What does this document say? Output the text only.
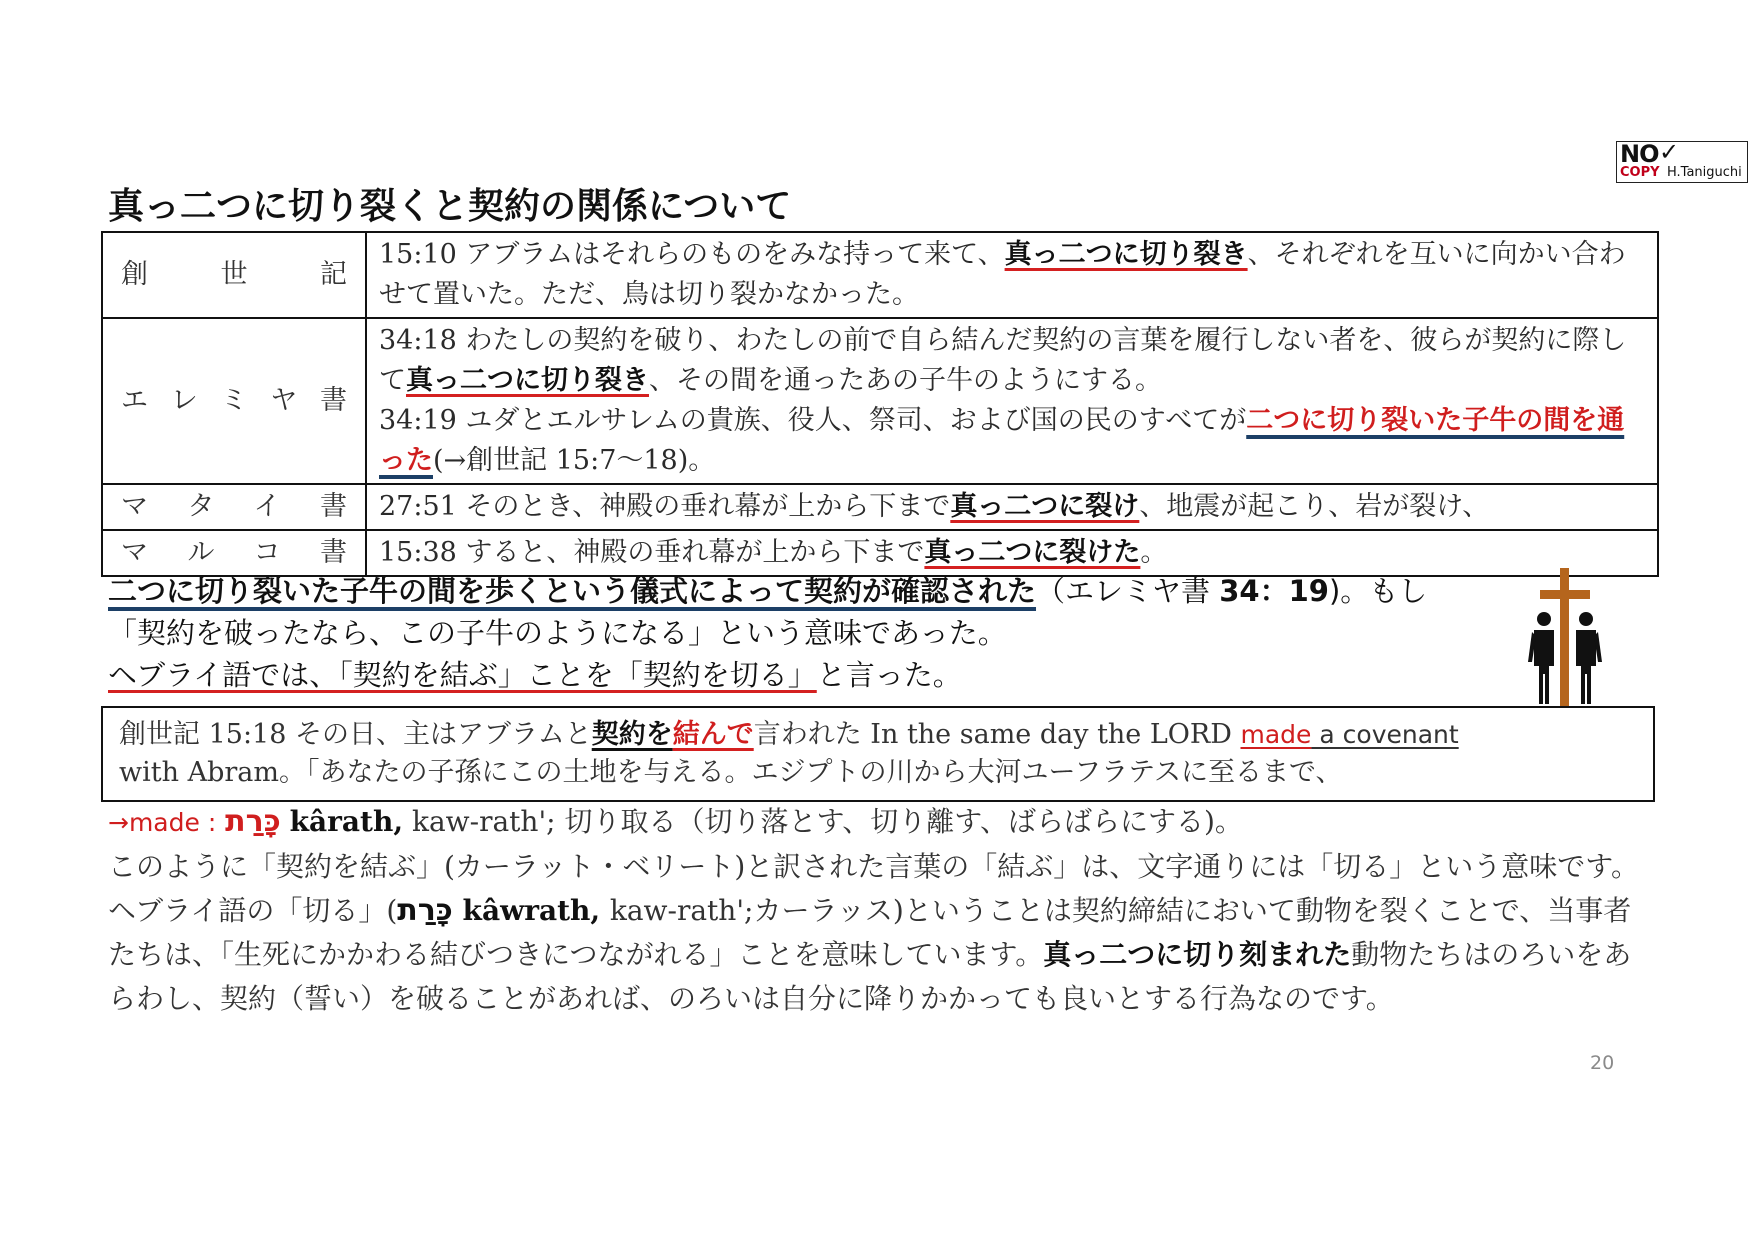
NO ✓
COPY H.Taniguchi
真っ二つに切り裂くと契約の関係について
創　世　記	15:10 アブラムはそれらのものをみな持って来て、真っ二つに切り裂き、それぞれを互いに向かい合わせて置いた。ただ、鳥は切り裂かなかった。
エレミヤ書	34:18 わたしの契約を破り、わたしの前で自ら結んだ契約の言葉を履行しない者を、彼らが契約に際して真っ二つに切り裂き、その間を通ったあの子牛のようにする。
34:19 ユダとエルサレムの貴族、役人、祭司、および国の民のすべてが二つに切り裂いた子牛の間を通った(→創世記 15:7～18)。
マタイ書	27:51 そのとき、神殿の垂れ幕が上から下まで真っ二つに裂け、地震が起こり、岩が裂け、
マルコ書	15:38 すると、神殿の垂れ幕が上から下まで真っ二つに裂けた。
二つに切り裂いた子牛の間を歩くという儀式によって契約が確認された（エレミヤ書 34：19)。もし
「契約を破ったなら、この子牛のようになる」という意味であった。
ヘブライ語では、「契約を結ぶ」ことを「契約を切る」と言った。
創世記 15:18 その日、主はアブラムと契約を結んで言われた In the same day the LORD made a covenant
with Abram。「あなたの子孫にこの土地を与える。エジプトの川から大河ユーフラテスに至るまで、
→made : כָּרַת kârath, kaw-rath'; 切り取る（切り落とす、切り離す、ばらばらにする)。
このように「契約を結ぶ」(カーラット・ベリート)と訳された言葉の「結ぶ」は、文字通りには「切る」という意味です。ヘブライ語の「切る」(כָּרַת kâwrath, kaw-rath';カーラッス)ということは契約締結において動物を裂くことで、当事者たちは、「生死にかかわる結びつきにつながれる」ことを意味しています。真っ二つに切り刻まれた動物たちはのろいをあらわし、契約（誓い）を破ることがあれば、のろいは自分に降りかかっても良いとする行為なのです。
20
